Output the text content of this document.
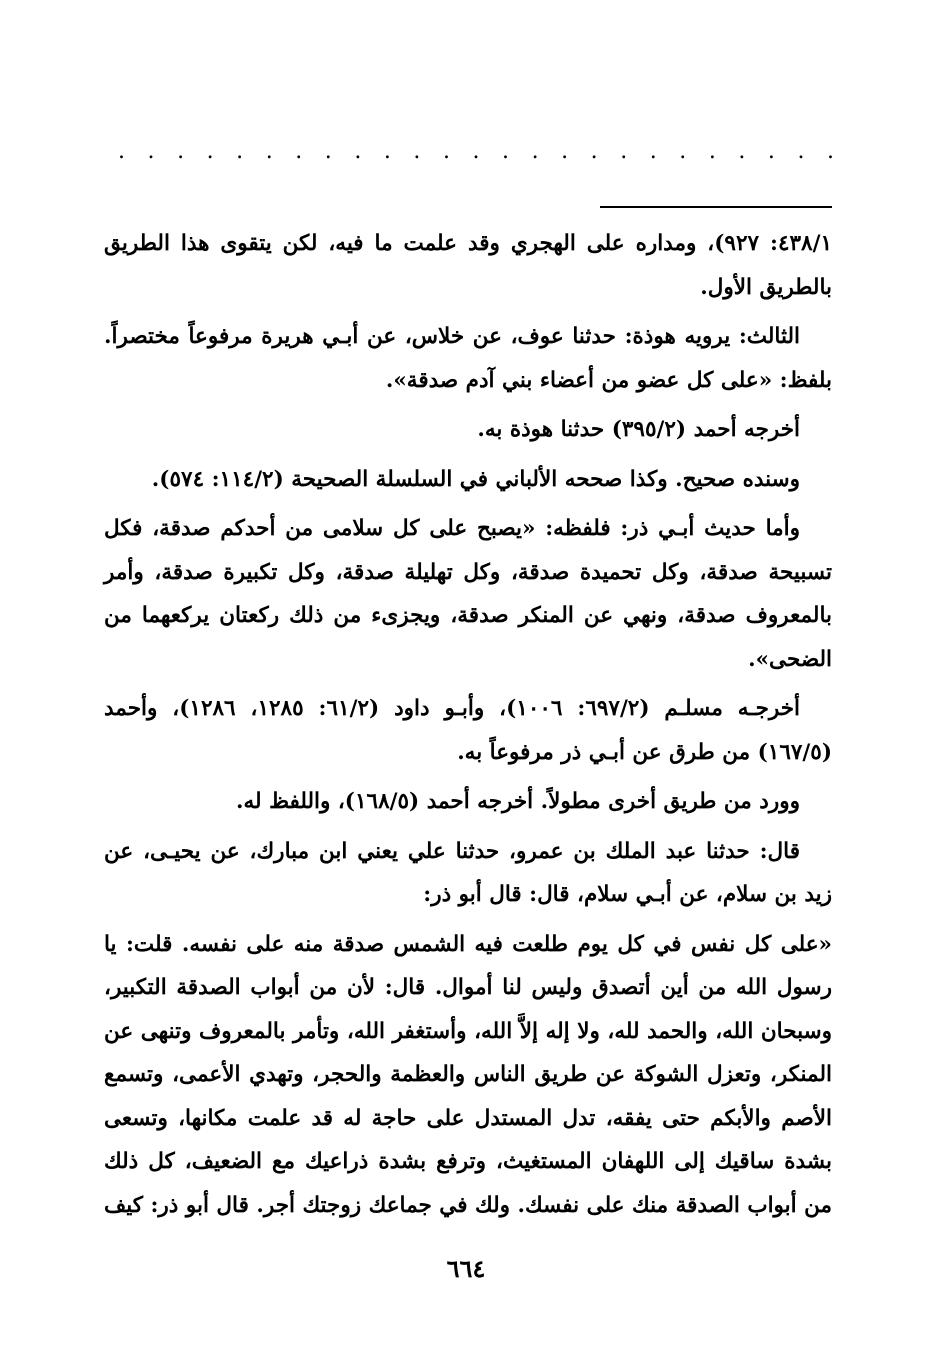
. . . . . . . . . . . . . . . . . . . . . . . . .

٤٣٨/١: ٩٢٧)، ومداره على الهجري وقد علمت ما فيه، لكن يتقوى هذا الطريق بالطريق الأول.

الثالث: يرويه هوذة: حدثنا عوف، عن خلاس، عن أبـي هريرة مرفوعاً مختصراً. بلفظ: «على كل عضو من أعضاء بني آدم صدقة».

أخرجه أحمد (٣٩٥/٢) حدثنا هوذة به.

وسنده صحيح. وكذا صححه الألباني في السلسلة الصحيحة (١١٤/٢: ٥٧٤).

وأما حديث أبـي ذر: فلفظه: «يصبح على كل سلامى من أحدكم صدقة، فكل تسبيحة صدقة، وكل تحميدة صدقة، وكل تهليلة صدقة، وكل تكبيرة صدقة، وأمر بالمعروف صدقة، ونهي عن المنكر صدقة، ويجزىء من ذلك ركعتان يركعهما من الضحى».

أخرجـه مسلـم (٦٩٧/٢: ١٠٠٦)، وأبـو داود (٦١/٢: ١٢٨٥، ١٢٨٦)، وأحمد (١٦٧/٥) من طرق عن أبـي ذر مرفوعاً به.

وورد من طريق أخرى مطولاً. أخرجه أحمد (١٦٨/٥)، واللفظ له.

قال: حدثنا عبد الملك بن عمرو، حدثنا علي يعني ابن مبارك، عن يحيـى، عن زيد بن سلام، عن أبـي سلام، قال: قال أبو ذر:

«على كل نفس في كل يوم طلعت فيه الشمس صدقة منه على نفسه. قلت: يا رسول الله من أين أتصدق وليس لنا أموال. قال: لأن من أبواب الصدقة التكبير، وسبحان الله، والحمد لله، ولا إله إلاَّ الله، وأستغفر الله، وتأمر بالمعروف وتنهى عن المنكر، وتعزل الشوكة عن طريق الناس والعظمة والحجر، وتهدي الأعمى، وتسمع الأصم والأبكم حتى يفقه، تدل المستدل على حاجة له قد علمت مكانها، وتسعى بشدة ساقيك إلى اللهفان المستغيث، وترفع بشدة ذراعيك مع الضعيف، كل ذلك من أبواب الصدقة منك على نفسك. ولك في جماعك زوجتك أجر. قال أبو ذر: كيف

٦٦٤
